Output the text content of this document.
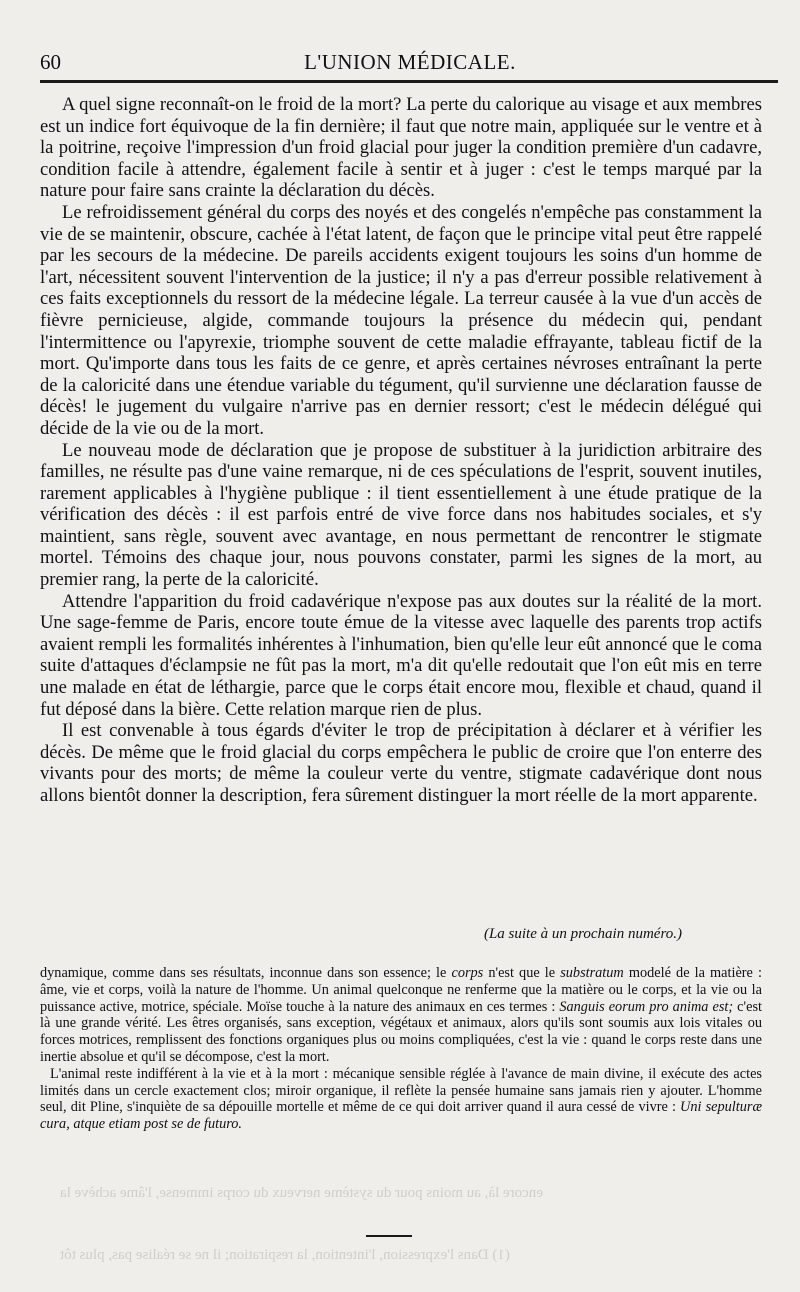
60	L'UNION MÉDICALE.

A quel signe reconnaît-on le froid de la mort? La perte du calorique au visage et aux membres est un indice fort équivoque de la fin dernière; il faut que notre main, appliquée sur le ventre et à la poitrine, reçoive l'impression d'un froid glacial pour juger la condition première d'un cadavre, condition facile à attendre, également facile à sentir et à juger : c'est le temps marqué par la nature pour faire sans crainte la déclaration du décès.

Le refroidissement général du corps des noyés et des congelés n'empêche pas constamment la vie de se maintenir, obscure, cachée à l'état latent, de façon que le principe vital peut être rappelé par les secours de la médecine. De pareils accidents exigent toujours les soins d'un homme de l'art, nécessitent souvent l'intervention de la justice; il n'y a pas d'erreur possible relativement à ces faits exceptionnels du ressort de la médecine légale. La terreur causée à la vue d'un accès de fièvre pernicieuse, algide, commande toujours la présence du médecin qui, pendant l'intermittence ou l'apyrexie, triomphe souvent de cette maladie effrayante, tableau fictif de la mort. Qu'importe dans tous les faits de ce genre, et après certaines névroses entraînant la perte de la caloricité dans une étendue variable du tégument, qu'il survienne une déclaration fausse de décès! le jugement du vulgaire n'arrive pas en dernier ressort; c'est le médecin délégué qui décide de la vie ou de la mort.

Le nouveau mode de déclaration que je propose de substituer à la juridiction arbitraire des familles, ne résulte pas d'une vaine remarque, ni de ces spéculations de l'esprit, souvent inutiles, rarement applicables à l'hygiène publique : il tient essentiellement à une étude pratique de la vérification des décès : il est parfois entré de vive force dans nos habitudes sociales, et s'y maintient, sans règle, souvent avec avantage, en nous permettant de rencontrer le stigmate mortel. Témoins des chaque jour, nous pouvons constater, parmi les signes de la mort, au premier rang, la perte de la caloricité.

Attendre l'apparition du froid cadavérique n'expose pas aux doutes sur la réalité de la mort. Une sage-femme de Paris, encore toute émue de la vitesse avec laquelle des parents trop actifs avaient rempli les formalités inhérentes à l'inhumation, bien qu'elle leur eût annoncé que le coma suite d'attaques d'éclampsie ne fût pas la mort, m'a dit qu'elle redoutait que l'on eût mis en terre une malade en état de léthargie, parce que le corps était encore mou, flexible et chaud, quand il fut déposé dans la bière. Cette relation marque rien de plus.

Il est convenable à tous égards d'éviter le trop de précipitation à déclarer et à vérifier les décès. De même que le froid glacial du corps empêchera le public de croire que l'on enterre des vivants pour des morts; de même la couleur verte du ventre, stigmate cadavérique dont nous allons bientôt donner la description, fera sûrement distinguer la mort réelle de la mort apparente.

(La suite à un prochain numéro.)

dynamique, comme dans ses résultats, inconnue dans son essence; le corps n'est que le substratum modelé de la matière : âme, vie et corps, voilà la nature de l'homme. Un animal quelconque ne renferme que la matière ou le corps, et la vie ou la puissance active, motrice, spéciale. Moïse touche à la nature des animaux en ces termes : Sanguis eorum pro anima est; c'est là une grande vérité. Les êtres organisés, sans exception, végétaux et animaux, alors qu'ils sont soumis aux lois vitales ou forces motrices, remplissent des fonctions organiques plus ou moins compliquées, c'est la vie : quand le corps reste dans une inertie absolue et qu'il se décompose, c'est la mort.

L'animal reste indifférent à la vie et à la mort : mécanique sensible réglée à l'avance de main divine, il exécute des actes limités dans un cercle exactement clos; miroir organique, il reflète la pensée humaine sans jamais rien y ajouter. L'homme seul, dit Pline, s'inquiète de sa dépouille mortelle et même de ce qui doit arriver quand il aura cessé de vivre : Uni sepulturæ cura, atque etiam post se de futuro.

encore là, au moins pour du système nerveux du corps immense, l'âme achève la
(1) Dans l'expression, l'intention, la respiration; il ne se réalise pas, plus tôt
